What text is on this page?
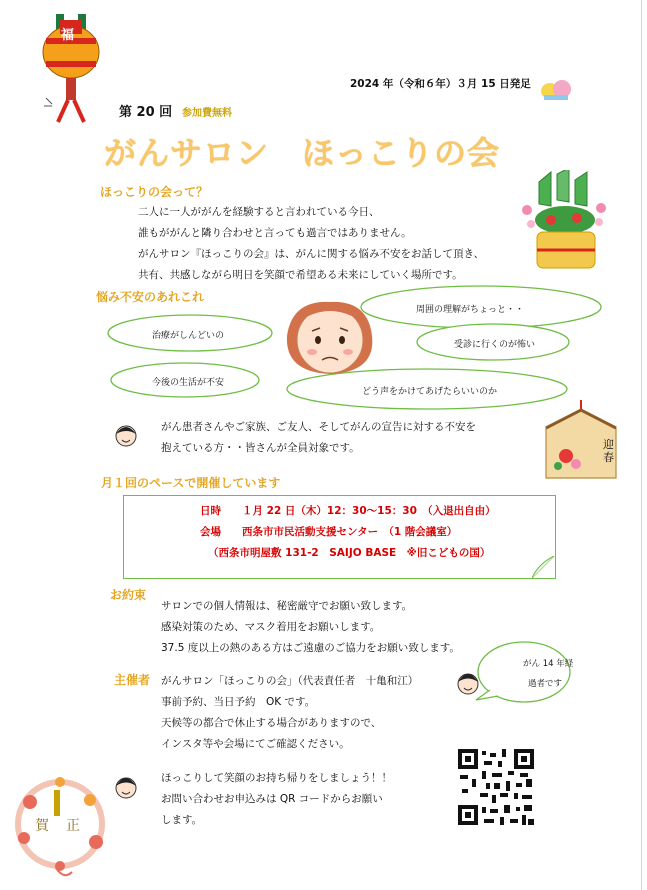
福
2024 年（令和６年）３月 15 日発足
第 20 回 参加費無料
がんサロン　ほっこりの会
ほっこりの会って？
二人に一人ががんを経験すると言われている今日、
誰もががんと隣り合わせと言っても過言ではありません。
がんサロン『ほっこりの会』は、がんに関する悩み不安をお話して頂き、
共有、共感しながら明日を笑顔で希望ある未来にしていく場所です。
悩み不安のあれこれ
治療がしんどいの
今後の生活が不安
周囲の理解がちょっと・・
受診に行くのが怖い
どう声をかけてあげたらいいのか
迎春
がん患者さんやご家族、ご友人、そしてがんの宣告に対する不安を
抱えている方・・皆さんが全員対象です。
月１回のペースで開催しています
日時　　１月 22 日（木）12：30～15：30　（入退出自由）
会場　　西条市市民活動支援センター　（1 階会議室）
（西条市明屋敷 131-2　SAIJO BASE　※旧こどもの国）
お約束
サロンでの個人情報は、秘密厳守でお願い致します。
感染対策のため、マスク着用をお願いします。
37.5 度以上の熱のある方はご遠慮のご協力をお願い致します。
主催者 がんサロン「ほっこりの会」（代表責任者　十亀和江）
事前予約、当日予約　OK です。
天候等の都合で休止する場合がありますので、
インスタ等や会場にてご確認ください。
がん 14 年経
過者です
ほっこりして笑顔のお持ち帰りをしましょう！！
お問い合わせお申込みは QR コードからお願い
します。
賀 正
